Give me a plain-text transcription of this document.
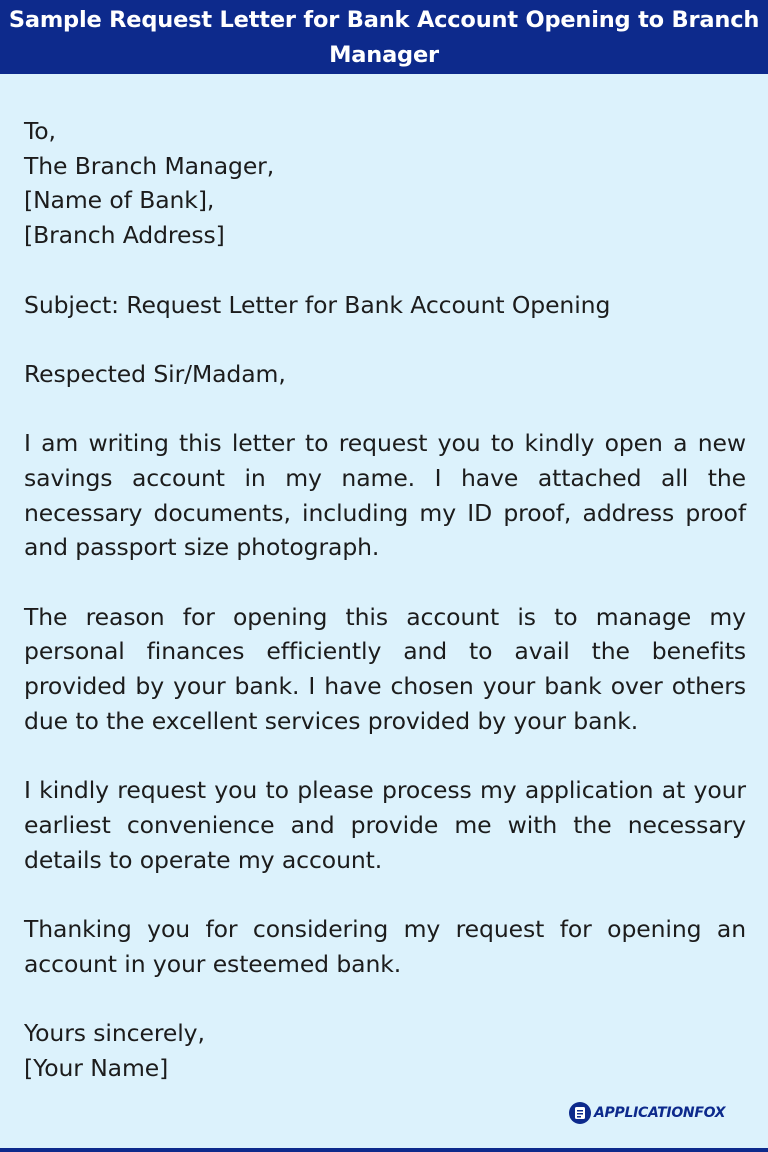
Sample Request Letter for Bank Account Opening to Branch Manager
To,
The Branch Manager,
[Name of Bank],
[Branch Address]
Subject: Request Letter for Bank Account Opening
Respected Sir/Madam,

I am writing this letter to request you to kindly open a new savings account in my name. I have attached all the necessary documents, including my ID proof, address proof and passport size photograph.

The reason for opening this account is to manage my personal finances efficiently and to avail the benefits provided by your bank. I have chosen your bank over others due to the excellent services provided by your bank.

I kindly request you to please process my application at your earliest convenience and provide me with the necessary details to operate my account.

Thanking you for considering my request for opening an account in your esteemed bank.

Yours sincerely,
[Your Name]
APPLICATIONFOX
